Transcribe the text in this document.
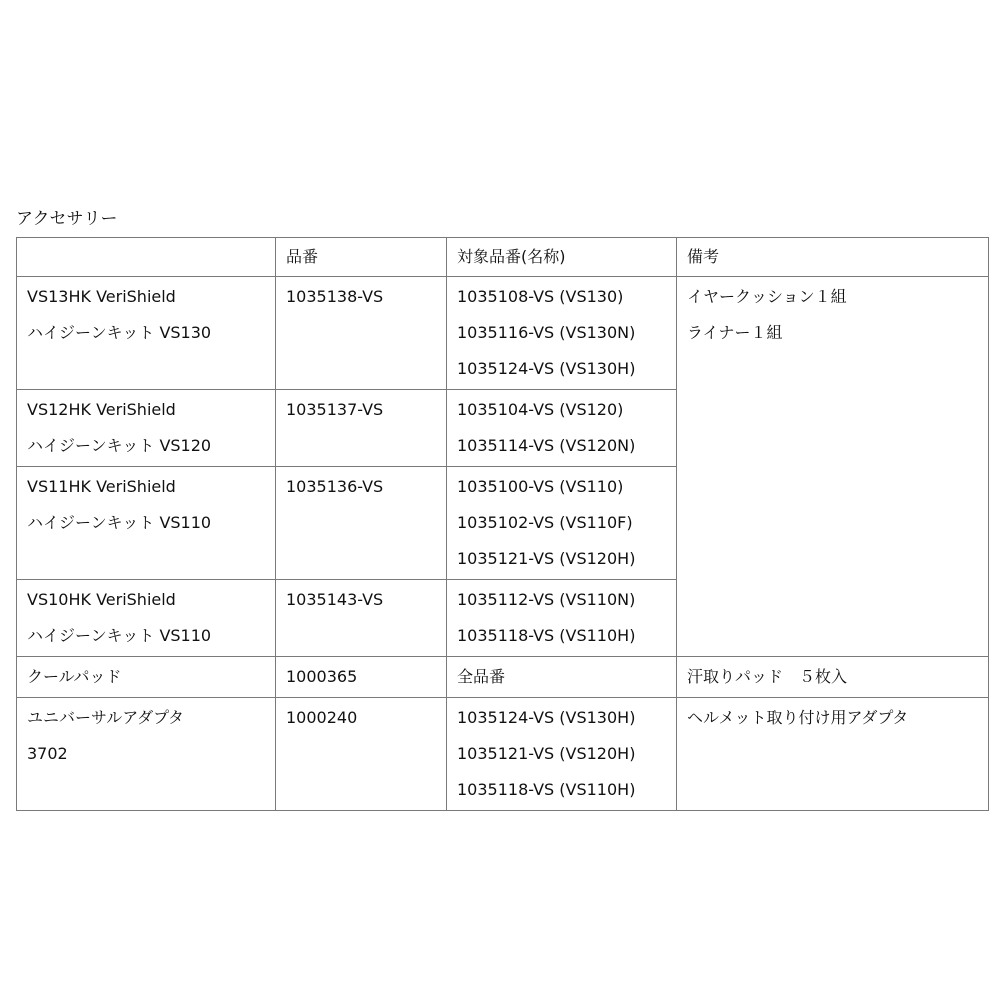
アクセサリー
	品番	対象品番(名称)	備考

VS13HK VeriShield
ハイジーンキット VS130	1035138-VS	1035108-VS (VS130)
1035116-VS (VS130N)
1035124-VS (VS130H)	イヤークッション１組
ライナー１組

VS12HK VeriShield
ハイジーンキット VS120	1035137-VS	1035104-VS (VS120)
1035114-VS (VS120N)	

VS11HK VeriShield
ハイジーンキット VS110	1035136-VS	1035100-VS (VS110)
1035102-VS (VS110F)
1035121-VS (VS120H)	

VS10HK VeriShield
ハイジーンキット VS110	1035143-VS	1035112-VS (VS110N)
1035118-VS (VS110H)	

クールパッド	1000365	全品番	汗取りパッド　５枚入

ユニバーサルアダプタ
3702	1000240	1035124-VS (VS130H)
1035121-VS (VS120H)
1035118-VS (VS110H)	ヘルメット取り付け用アダプタ
